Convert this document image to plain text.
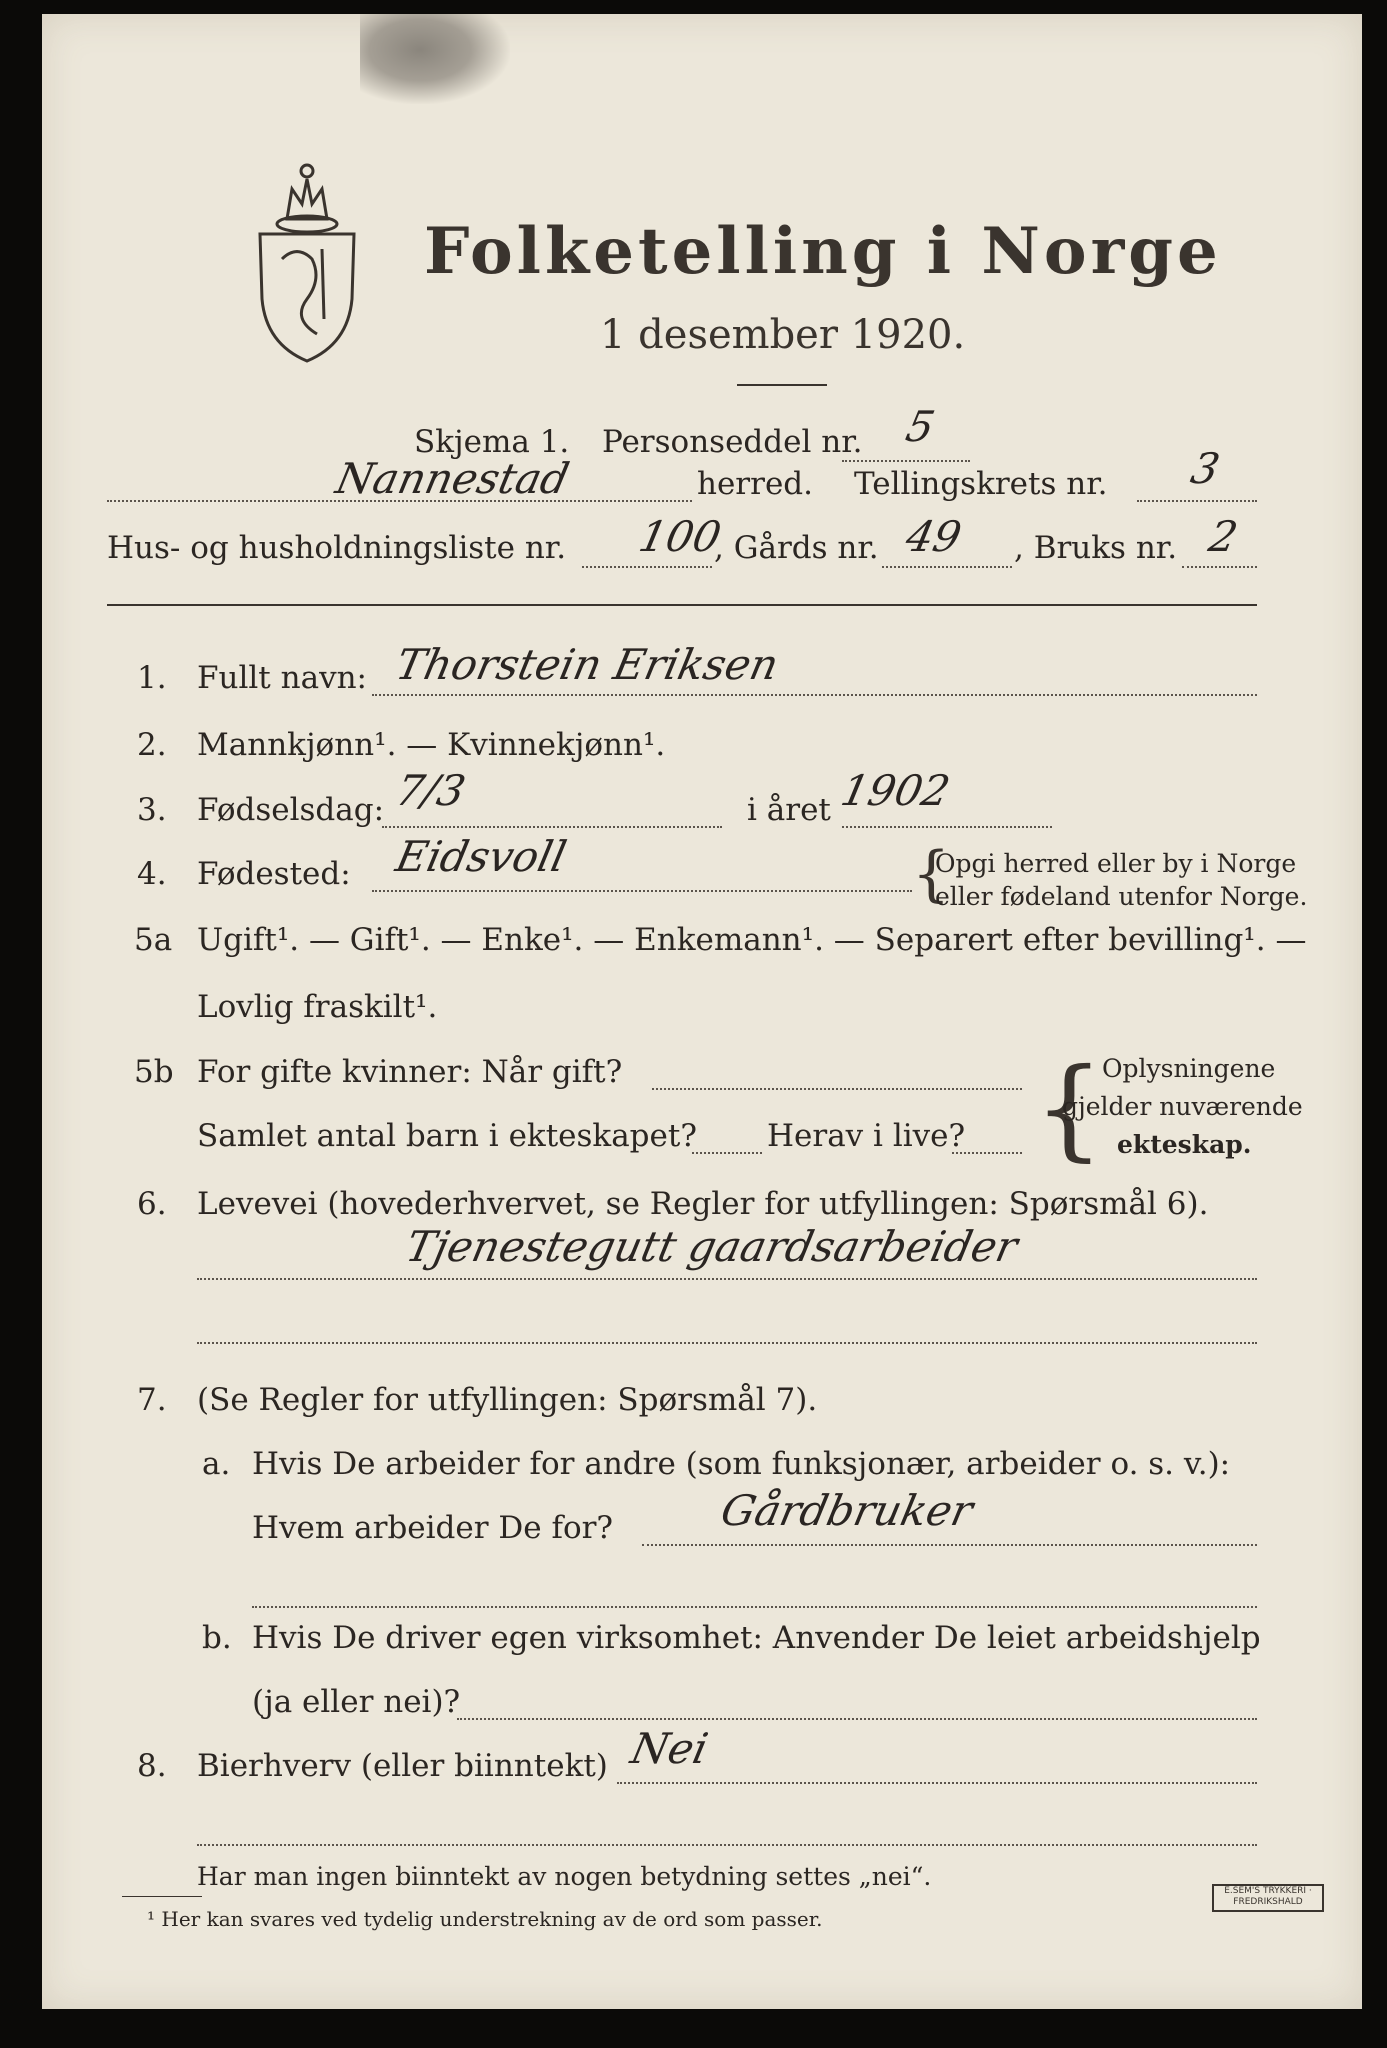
Folketelling i Norge
1 desember 1920.
Skjema 1. Personseddel nr. 5
Nannestad	herred. Tellingskrets nr. 3
Hus- og husholdningsliste nr. 100
, Gårds nr. 49 , Bruks nr. 2
1. Fullt navn: Thorstein Eriksen
2. Mannkjønn¹. — Kvinnekjønn¹.
3. Fødselsdag: 7/3	i året 1902
4. Fødested: Eidsvoll	{
Opgi herred eller by i Norge
eller fødeland utenfor Norge.
5a Ugift¹. — Gift¹. — Enke¹. — Enkemann¹. — Separert efter bevilling¹. —
Lovlig fraskilt¹.
5b For gifte kvinner: Når gift?
Samlet antal barn i ekteskapet? Herav i live? {
Oplysningene
gjelder nuværende
ekteskap.
6. Levevei (hovederhvervet, se Regler for utfyllingen: Spørsmål 6).
Tjenestegutt gaardsarbeider
7. (Se Regler for utfyllingen: Spørsmål 7).
a. Hvis De arbeider for andre (som funksjonær, arbeider o. s. v.):
Hvem arbeider De for? Gårdbruker
b. Hvis De driver egen virksomhet: Anvender De leiet arbeidshjelp
(ja eller nei)?
8. Bierhverv (eller biinntekt) Nei
Har man ingen biinntekt av nogen betydning settes „nei“.
¹ Her kan svares ved tydelig understrekning av de ord som passer.
E.SEM'S TRYKKERI · FREDRIKSHALD
